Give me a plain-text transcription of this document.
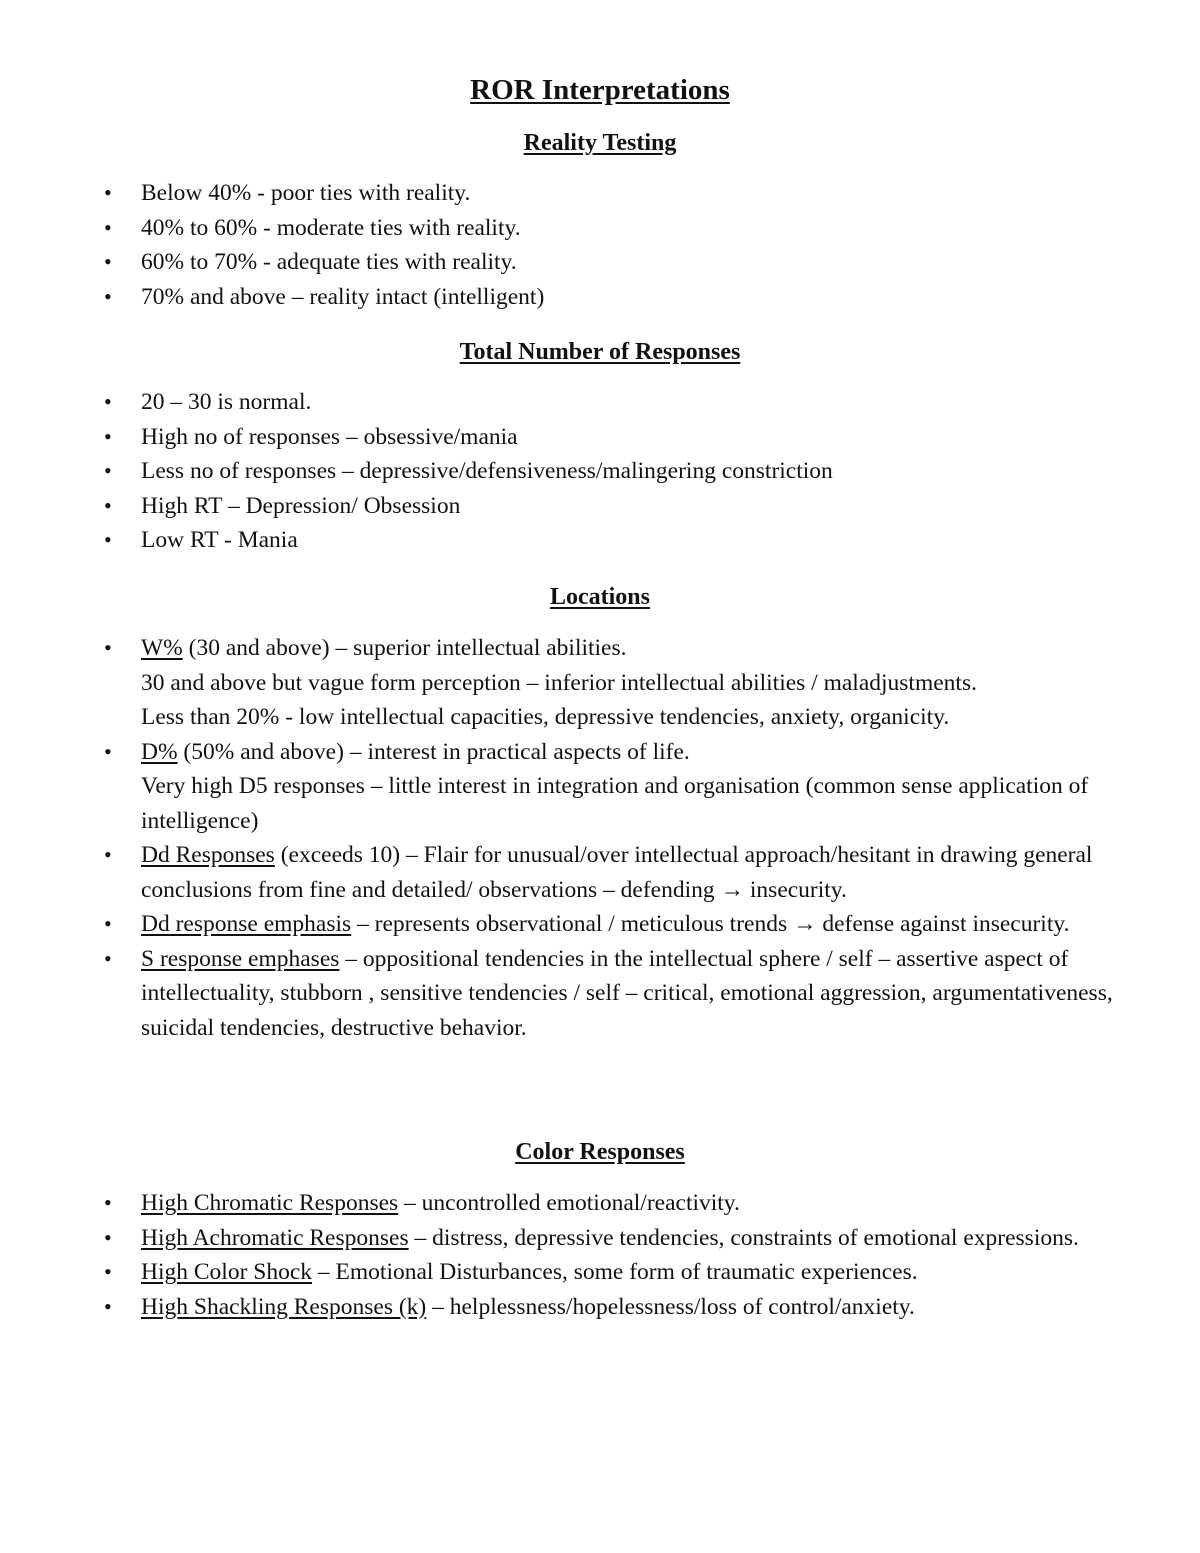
ROR Interpretations
Reality Testing
• Below 40% - poor ties with reality.
• 40% to 60% - moderate ties with reality.
• 60% to 70% - adequate ties with reality.
• 70% and above – reality intact (intelligent)
Total Number of Responses
• 20 – 30 is normal.
• High no of responses – obsessive/mania
• Less no of responses – depressive/defensiveness/malingering constriction
• High RT – Depression/ Obsession
• Low RT - Mania
Locations
• W% (30 and above) – superior intellectual abilities.
30 and above but vague form perception – inferior intellectual abilities / maladjustments.
Less than 20% - low intellectual capacities, depressive tendencies, anxiety, organicity.
• D% (50% and above) – interest in practical aspects of life.
Very high D5 responses – little interest in integration and organisation (common sense application of intelligence)
• Dd Responses (exceeds 10) – Flair for unusual/over intellectual approach/hesitant in drawing general conclusions from fine and detailed/ observations – defending → insecurity.
• Dd response emphasis – represents observational / meticulous trends → defense against insecurity.
• S response emphases – oppositional tendencies in the intellectual sphere / self – assertive aspect of intellectuality, stubborn , sensitive tendencies / self – critical, emotional aggression, argumentativeness, suicidal tendencies, destructive behavior.
Color Responses
• High Chromatic Responses – uncontrolled emotional/reactivity.
• High Achromatic Responses – distress, depressive tendencies, constraints of emotional expressions.
• High Color Shock – Emotional Disturbances, some form of traumatic experiences.
• High Shackling Responses (k) – helplessness/hopelessness/loss of control/anxiety.
